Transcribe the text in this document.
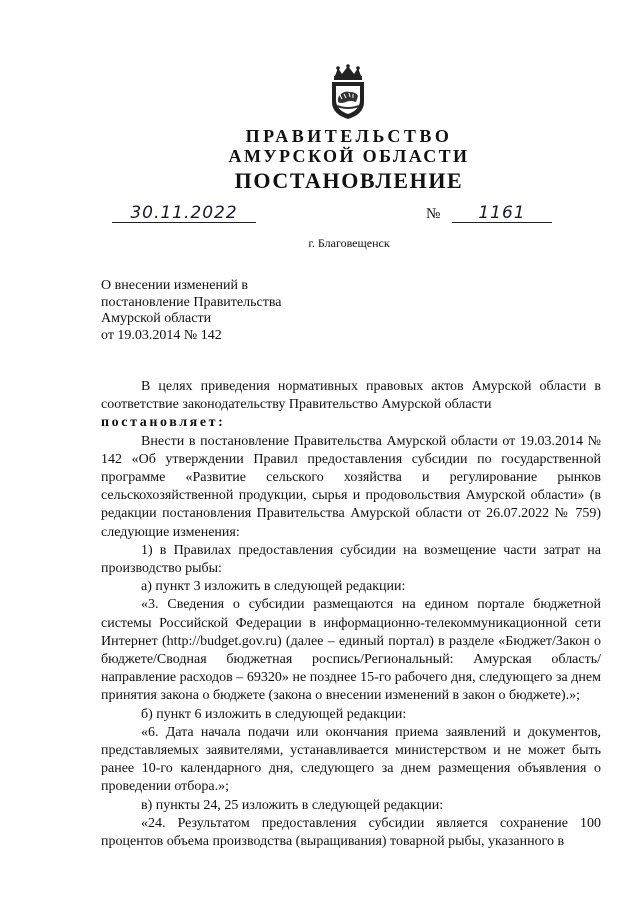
ПРАВИТЕЛЬСТВО
АМУРСКОЙ ОБЛАСТИ
ПОСТАНОВЛЕНИЕ
30.11.2022	№	1161
г. Благовещенск
О внесении изменений в
постановление Правительства
Амурской области
от 19.03.2014 № 142

В целях приведения нормативных правовых актов Амурской области в соответствие законодательству Правительство Амурской области

постановляет:

Внести в постановление Правительства Амурской области от 19.03.2014 № 142 «Об утверждении Правил предоставления субсидии по государственной программе «Развитие сельского хозяйства и регулирование рынков сельскохозяйственной продукции, сырья и продовольствия Амурской области» (в редакции постановления Правительства Амурской области от 26.07.2022 № 759) следующие изменения:

1) в Правилах предоставления субсидии на возмещение части затрат на производство рыбы:

а) пункт 3 изложить в следующей редакции:

«3. Сведения о субсидии размещаются на едином портале бюджетной системы Российской Федерации в информационно-телекоммуникационной сети Интернет (http://budget.gov.ru) (далее – единый портал) в разделе «Бюджет/Закон о бюджете/Сводная бюджетная роспись/Региональный: Амурская область/направление расходов – 69320» не позднее 15-го рабочего дня, следующего за днем принятия закона о бюджете (закона о внесении изменений в закон о бюджете).»;

б) пункт 6 изложить в следующей редакции:

«6. Дата начала подачи или окончания приема заявлений и документов, представляемых заявителями, устанавливается министерством и не может быть ранее 10-го календарного дня, следующего за днем размещения объявления о проведении отбора.»;

в) пункты 24, 25 изложить в следующей редакции:

«24. Результатом предоставления субсидии является сохранение 100 процентов объема производства (выращивания) товарной рыбы, указанного в
